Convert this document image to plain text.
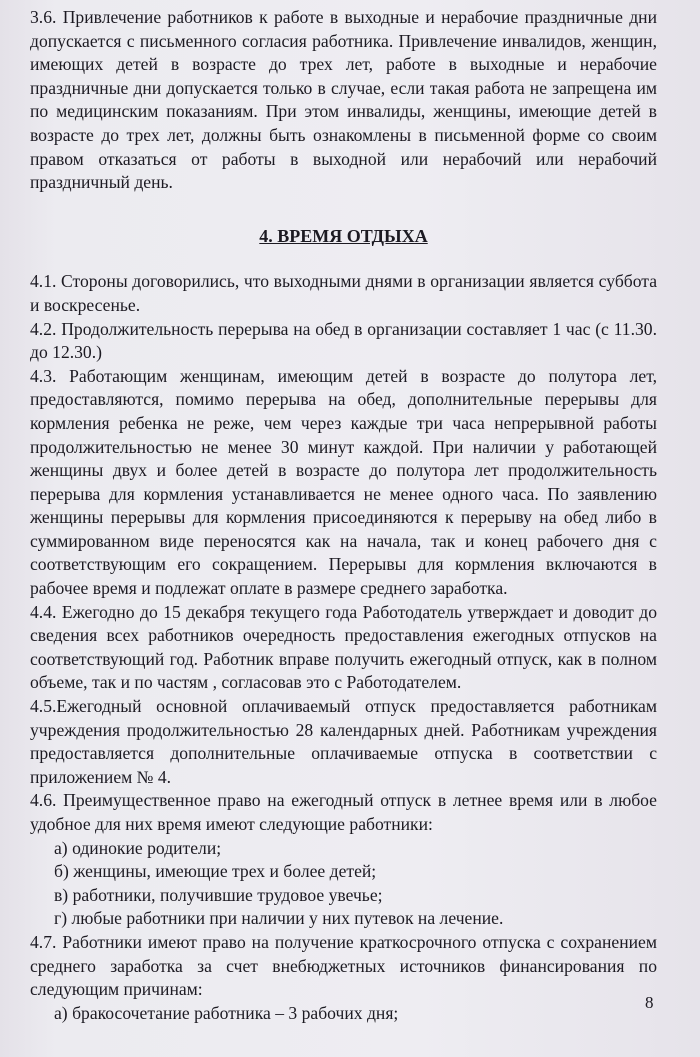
3.6. Привлечение работников к работе в выходные и нерабочие праздничные дни допускается с письменного согласия работника. Привлечение инвалидов, женщин, имеющих детей в возрасте до трех лет, работе в выходные и нерабочие праздничные дни допускается только в случае, если такая работа не запрещена им по медицинским показаниям. При этом инвалиды, женщины, имеющие детей в возрасте до трех лет, должны быть ознакомлены в письменной форме со своим правом отказаться от работы в выходной или нерабочий или нерабочий праздничный день.

4. ВРЕМЯ ОТДЫХА

4.1. Стороны договорились, что выходными днями в организации является суббота и воскресенье.

4.2. Продолжительность перерыва на обед в организации составляет 1 час (с 11.30. до 12.30.)

4.3. Работающим женщинам, имеющим детей в возрасте до полутора лет, предоставляются, помимо перерыва на обед, дополнительные перерывы для кормления ребенка не реже, чем через каждые три часа непрерывной работы продолжительностью не менее 30 минут каждой. При наличии у работающей женщины двух и более детей в возрасте до полутора лет продолжительность перерыва для кормления устанавливается не менее одного часа. По заявлению женщины перерывы для кормления присоединяются к перерыву на обед либо в суммированном виде переносятся как на начала, так и конец рабочего дня с соответствующим его сокращением. Перерывы для кормления включаются в рабочее время и подлежат оплате в размере среднего заработка.

4.4. Ежегодно до 15 декабря текущего года Работодатель утверждает и доводит до сведения всех работников очередность предоставления ежегодных отпусков на соответствующий год. Работник вправе получить ежегодный отпуск, как в полном объеме, так и по частям , согласовав это с Работодателем.

4.5.Ежегодный основной оплачиваемый отпуск предоставляется работникам учреждения продолжительностью 28 календарных дней. Работникам учреждения предоставляется дополнительные оплачиваемые отпуска в соответствии с приложением № 4.

4.6. Преимущественное право на ежегодный отпуск в летнее время или в любое удобное для них время имеют следующие работники:

а) одинокие родители;
б) женщины, имеющие трех и более детей;
в) работники, получившие трудовое увечье;
г) любые работники при наличии у них путевок на лечение.

4.7. Работники имеют право на получение краткосрочного отпуска с сохранением среднего заработка за счет внебюджетных источников финансирования по следующим причинам:

а) бракосочетание работника – 3 рабочих дня;
8
